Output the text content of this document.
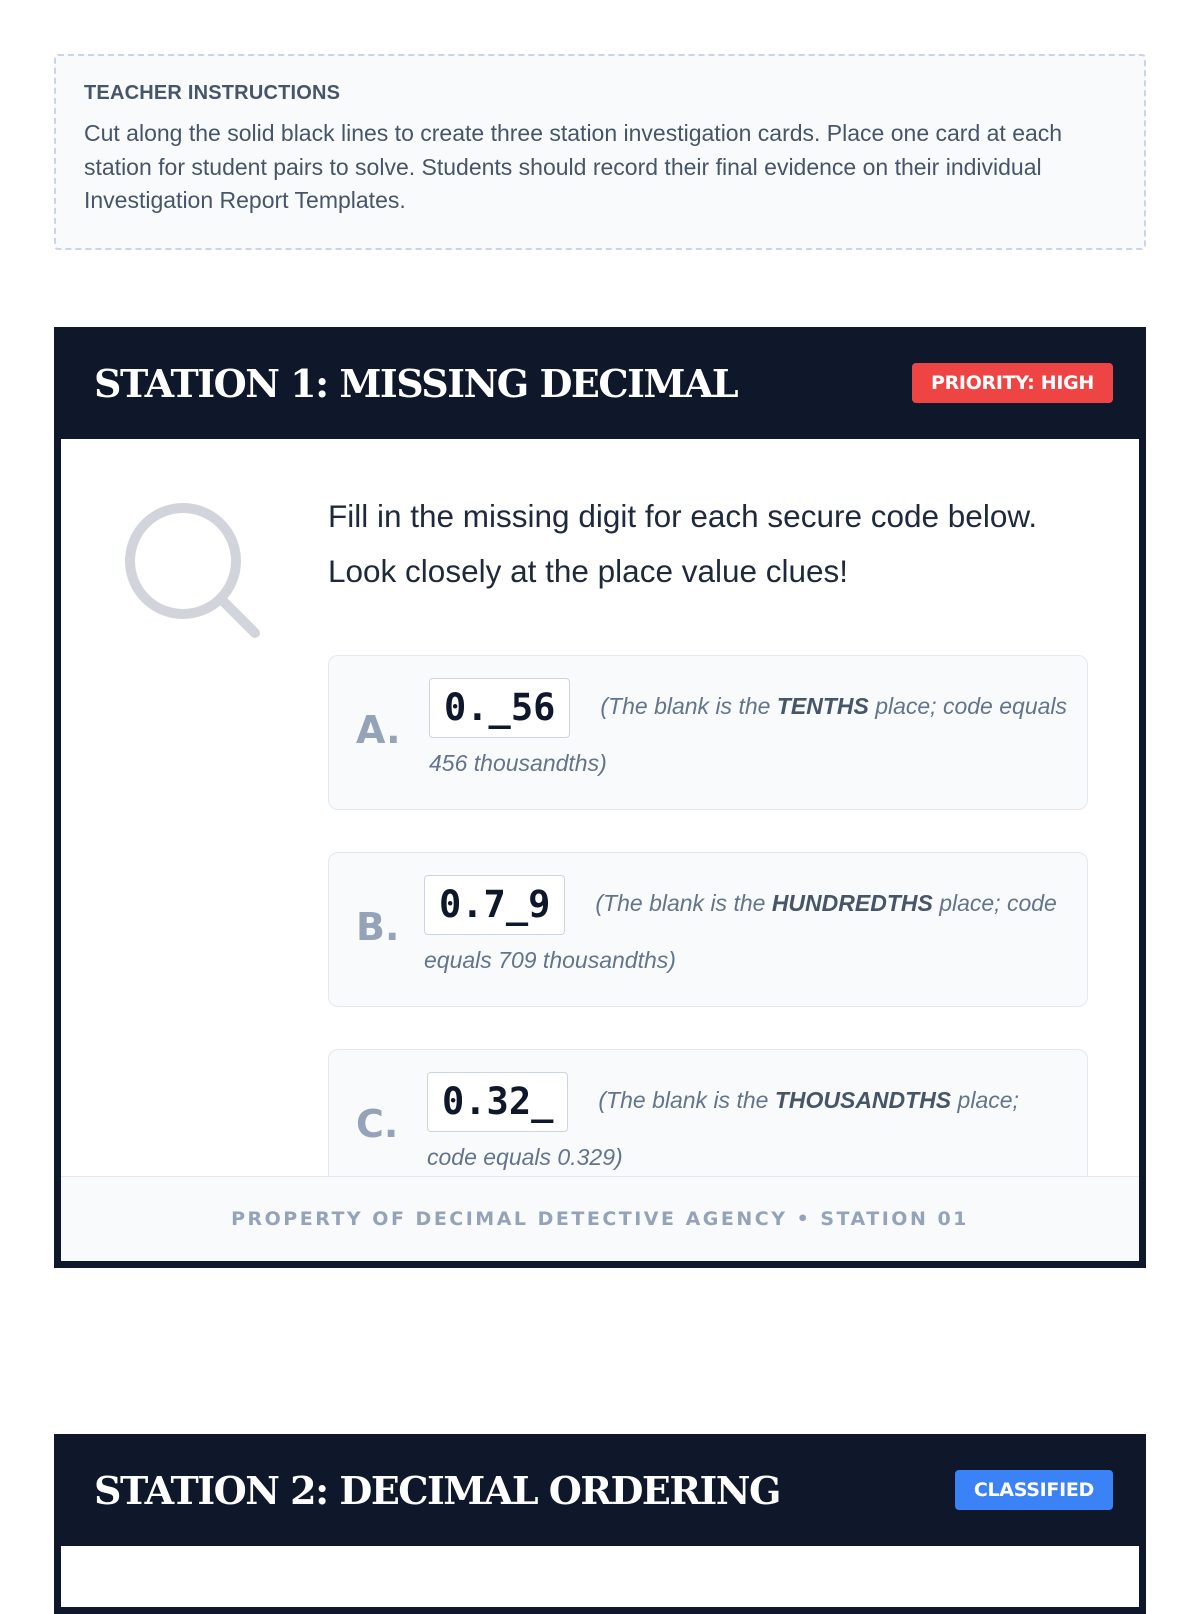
TEACHER INSTRUCTIONS

Cut along the solid black lines to create three station investigation cards. Place one card at each station for student pairs to solve. Students should record their final evidence on their individual Investigation Report Templates.

STATION 1: MISSING DECIMAL	PRIORITY: HIGH

Fill in the missing digit for each secure code below. Look closely at the place value clues!

A.
0._56 (The blank is the TENTHS place; code equals 456 thousandths)
B.
0.7_9 (The blank is the HUNDREDTHS place; code equals 709 thousandths)
C.
0.32_ (The blank is the THOUSANDTHS place; code equals 0.329)
PROPERTY OF DECIMAL DETECTIVE AGENCY • STATION 01
STATION 2: DECIMAL ORDERING	CLASSIFIED
